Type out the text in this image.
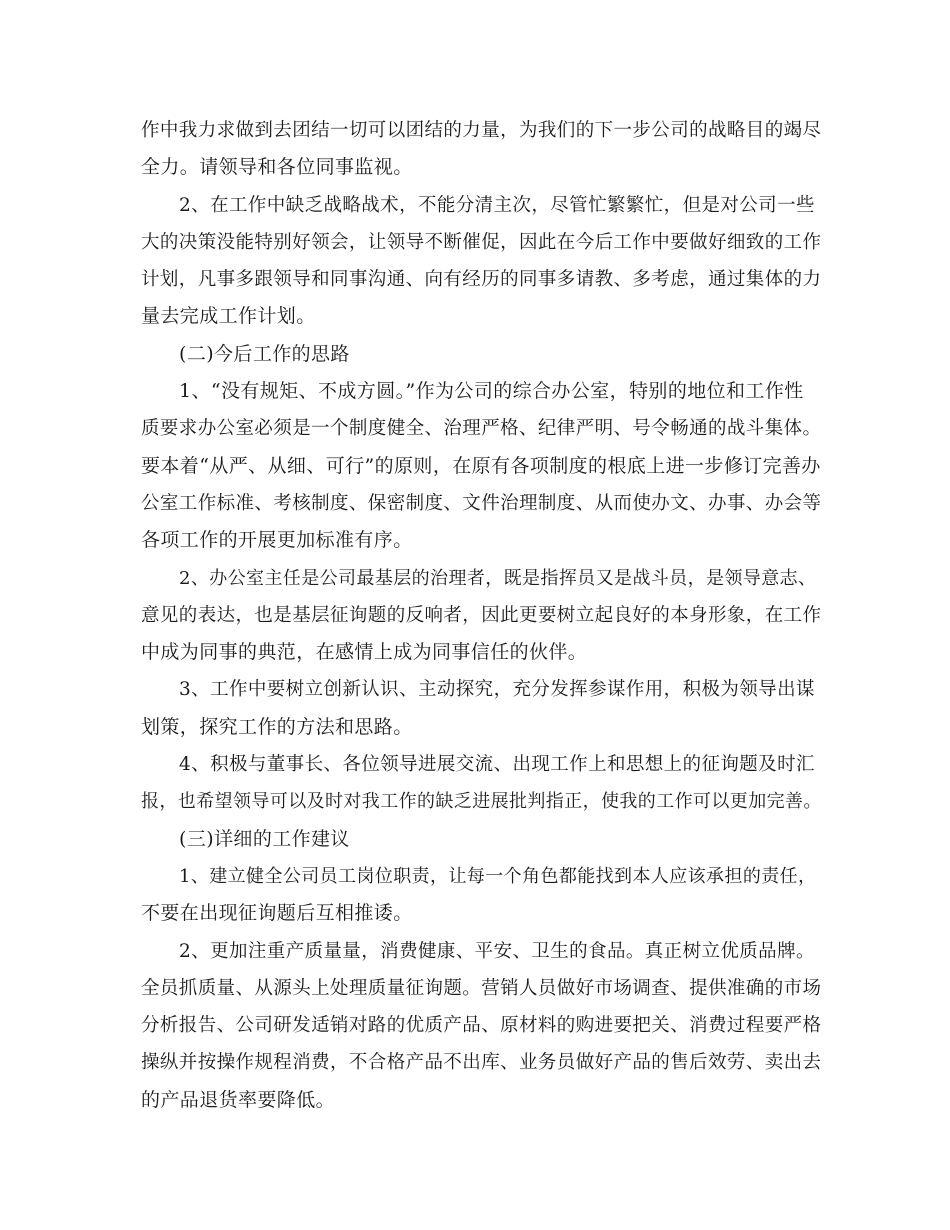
作中我力求做到去团结一切可以团结的力量，为我们的下一步公司的战略目的竭尽
全力。请领导和各位同事监视。
2、在工作中缺乏战略战术，不能分清主次，尽管忙繁繁忙，但是对公司一些
大的决策没能特别好领会，让领导不断催促，因此在今后工作中要做好细致的工作
计划，凡事多跟领导和同事沟通、向有经历的同事多请教、多考虑，通过集体的力
量去完成工作计划。
(二)今后工作的思路
1、“没有规矩、不成方圆。”作为公司的综合办公室，特别的地位和工作性
质要求办公室必须是一个制度健全、治理严格、纪律严明、号令畅通的战斗集体。
要本着“从严、从细、可行”的原则，在原有各项制度的根底上进一步修订完善办
公室工作标准、考核制度、保密制度、文件治理制度、从而使办文、办事、办会等
各项工作的开展更加标准有序。
2、办公室主任是公司最基层的治理者，既是指挥员又是战斗员，是领导意志、
意见的表达，也是基层征询题的反响者，因此更要树立起良好的本身形象，在工作
中成为同事的典范，在感情上成为同事信任的伙伴。
3、工作中要树立创新认识、主动探究，充分发挥参谋作用，积极为领导出谋
划策，探究工作的方法和思路。
4、积极与董事长、各位领导进展交流、出现工作上和思想上的征询题及时汇
报，也希望领导可以及时对我工作的缺乏进展批判指正，使我的工作可以更加完善。
(三)详细的工作建议
1、建立健全公司员工岗位职责，让每一个角色都能找到本人应该承担的责任，
不要在出现征询题后互相推诿。
2、更加注重产质量量，消费健康、平安、卫生的食品。真正树立优质品牌。
全员抓质量、从源头上处理质量征询题。营销人员做好市场调查、提供准确的市场
分析报告、公司研发适销对路的优质产品、原材料的购进要把关、消费过程要严格
操纵并按操作规程消费，不合格产品不出库、业务员做好产品的售后效劳、卖出去
的产品退货率要降低。
